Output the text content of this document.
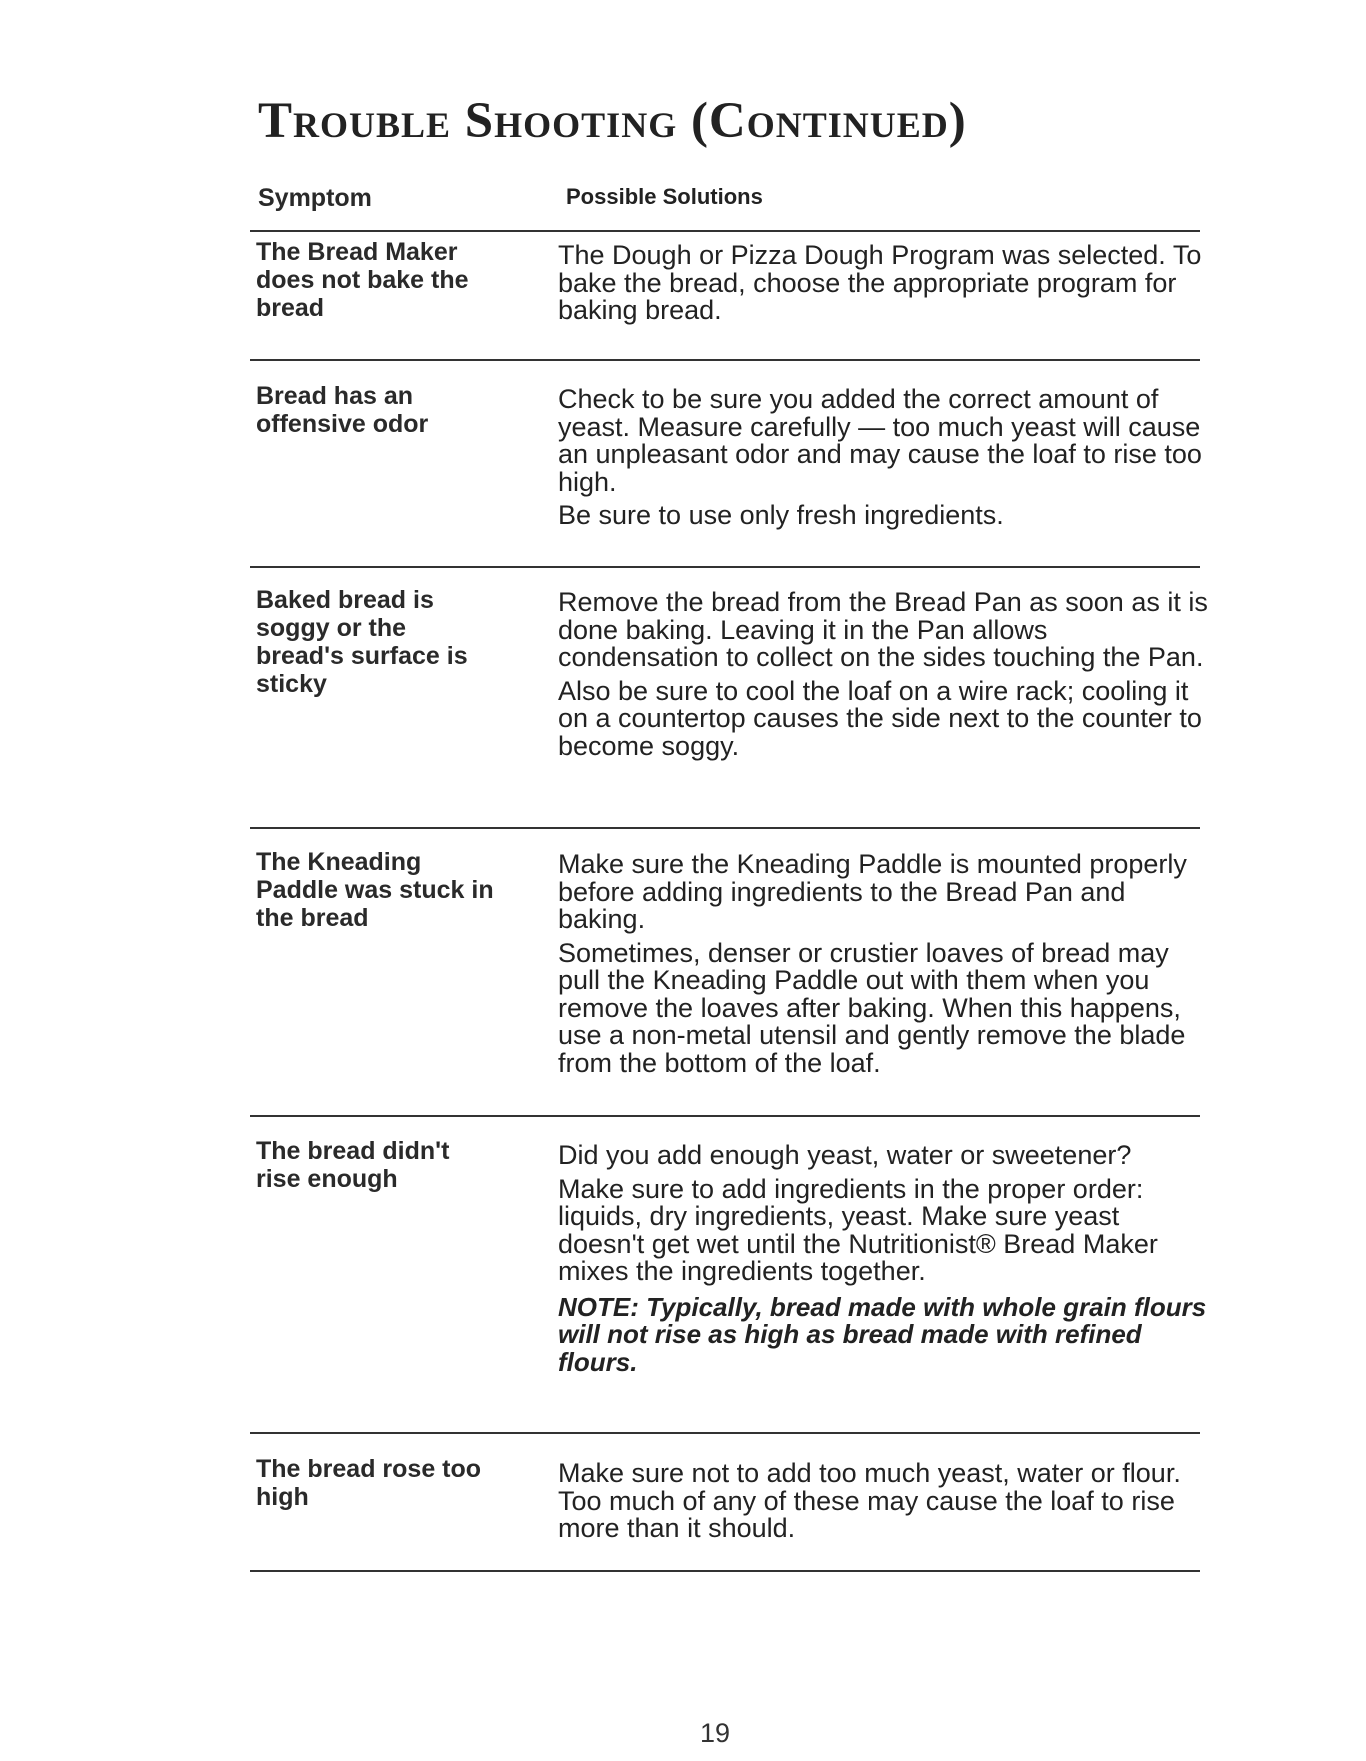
Trouble Shooting (Continued)
Symptom	Possible Solutions
The Bread Maker does not bake the bread

The Dough or Pizza Dough Program was selected. To bake the bread, choose the appropriate program for baking bread.

Bread has an offensive odor

Check to be sure you added the correct amount of yeast. Measure carefully — too much yeast will cause an unpleasant odor and may cause the loaf to rise too high.

Be sure to use only fresh ingredients.

Baked bread is soggy or the bread's surface is sticky

Remove the bread from the Bread Pan as soon as it is done baking. Leaving it in the Pan allows condensation to collect on the sides touching the Pan.

Also be sure to cool the loaf on a wire rack; cooling it on a countertop causes the side next to the counter to become soggy.

The Kneading Paddle was stuck in the bread

Make sure the Kneading Paddle is mounted properly before adding ingredients to the Bread Pan and baking.

Sometimes, denser or crustier loaves of bread may pull the Kneading Paddle out with them when you remove the loaves after baking. When this happens, use a non-metal utensil and gently remove the blade from the bottom of the loaf.

The bread didn't rise enough

Did you add enough yeast, water or sweetener?

Make sure to add ingredients in the proper order: liquids, dry ingredients, yeast. Make sure yeast doesn't get wet until the Nutritionist® Bread Maker mixes the ingredients together.

NOTE: Typically, bread made with whole grain flours will not rise as high as bread made with refined flours.

The bread rose too high

Make sure not to add too much yeast, water or flour. Too much of any of these may cause the loaf to rise more than it should.

19
